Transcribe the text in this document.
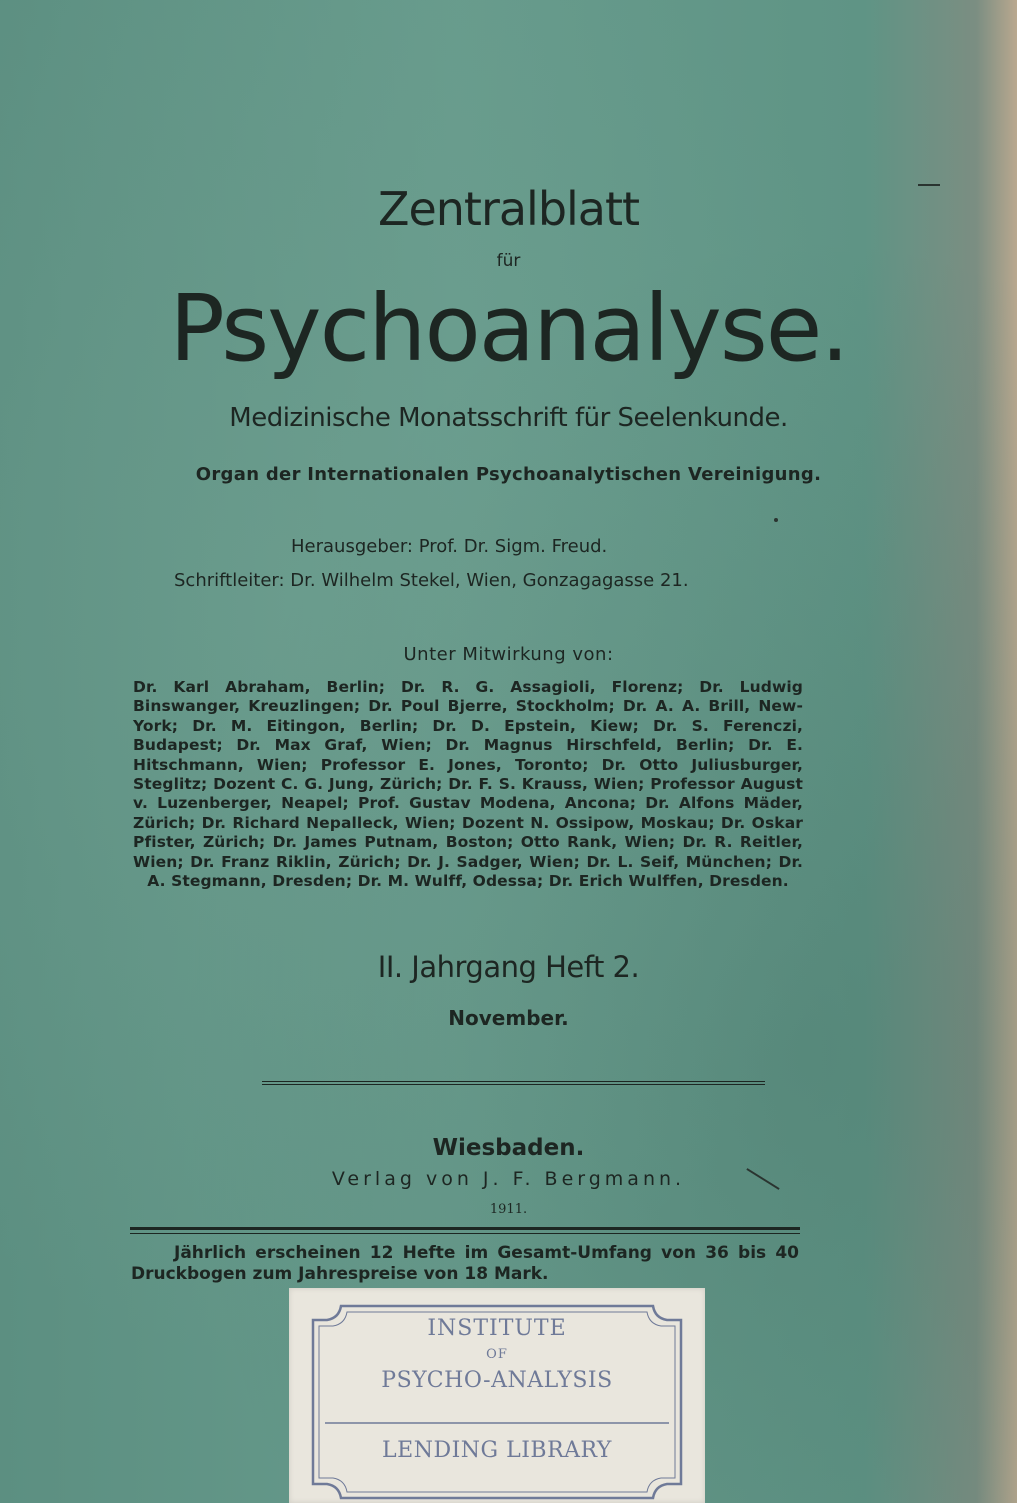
Zentralblatt
für
Psychoanalyse.
Medizinische Monatsschrift für Seelenkunde.
Organ der Internationalen Psychoanalytischen Vereinigung.
Herausgeber: Prof. Dr. Sigm. Freud.
Schriftleiter: Dr. Wilhelm Stekel, Wien, Gonzagagasse 21.
Unter Mitwirkung von:
Dr. Karl Abraham, Berlin; Dr. R. G. Assagioli, Florenz; Dr. Ludwig Binswanger, Kreuzlingen; Dr. Poul Bjerre, Stockholm; Dr. A. A. Brill, New-York; Dr. M. Eitingon, Berlin; Dr. D. Epstein, Kiew; Dr. S. Ferenczi, Budapest; Dr. Max Graf, Wien; Dr. Magnus Hirschfeld, Berlin; Dr. E. Hitschmann, Wien; Professor E. Jones, Toronto; Dr. Otto Juliusburger, Steglitz; Dozent C. G. Jung, Zürich; Dr. F. S. Krauss, Wien; Professor August v. Luzenberger, Neapel; Prof. Gustav Modena, Ancona; Dr. Alfons Mäder, Zürich; Dr. Richard Nepalleck, Wien; Dozent N. Ossipow, Moskau; Dr. Oskar Pfister, Zürich; Dr. James Putnam, Boston; Otto Rank, Wien; Dr. R. Reitler, Wien; Dr. Franz Riklin, Zürich; Dr. J. Sadger, Wien; Dr. L. Seif, München; Dr. A. Stegmann, Dresden; Dr. M. Wulff, Odessa; Dr. Erich Wulffen, Dresden.
II. Jahrgang Heft 2.
November.
Wiesbaden.
Verlag von J. F. Bergmann.
1911.
Jährlich erscheinen 12 Hefte im Gesamt-Umfang von 36 bis 40 Druckbogen zum Jahrespreise von 18 Mark.
INSTITUTE
OF
PSYCHO-ANALYSIS
LENDING LIBRARY
